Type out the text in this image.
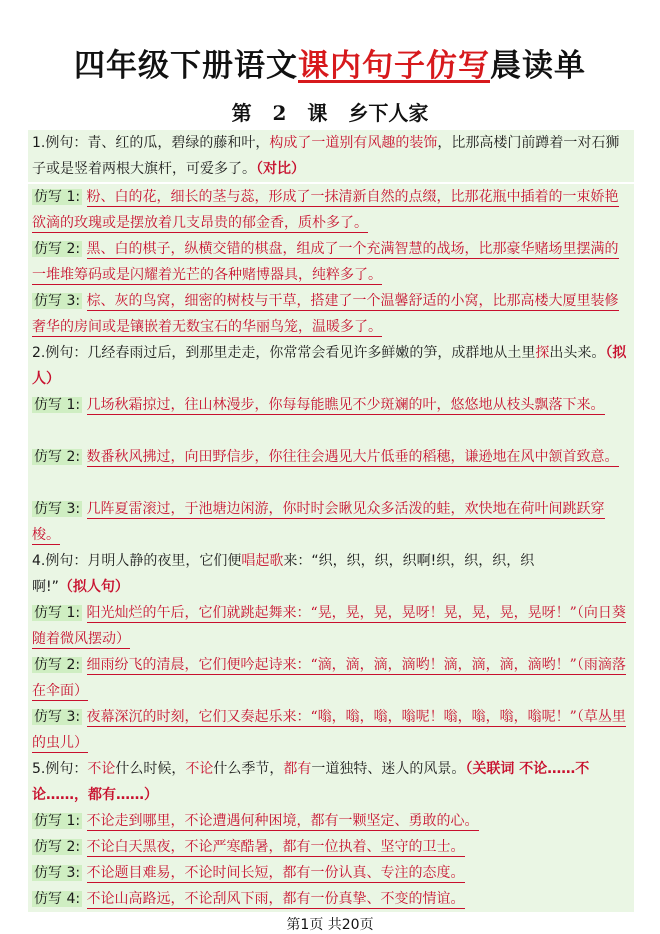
四年级下册语文课内句子仿写晨读单
第 2 课 乡下人家
1.例句：青、红的瓜，碧绿的藤和叶，构成了一道别有风趣的装饰，比那高楼门前蹲着一对石狮子或是竖着两根大旗杆，可爱多了。（对比）
仿写 1: 粉、白的花，细长的茎与蕊，形成了一抹清新自然的点缀，比那花瓶中插着的一束娇艳欲滴的玫瑰或是摆放着几支昂贵的郁金香，质朴多了。
仿写 2: 黑、白的棋子，纵横交错的棋盘，组成了一个充满智慧的战场，比那豪华赌场里摆满的一堆堆筹码或是闪耀着光芒的各种赌博器具，纯粹多了。
仿写 3: 棕、灰的鸟窝，细密的树枝与干草，搭建了一个温馨舒适的小窝，比那高楼大厦里装修奢华的房间或是镶嵌着无数宝石的华丽鸟笼，温暖多了。
2.例句：几经春雨过后，到那里走走，你常常会看见许多鲜嫩的笋，成群地从土里探出头来。（拟人）
仿写 1: 几场秋霜掠过，往山林漫步，你每每能瞧见不少斑斓的叶，悠悠地从枝头飘落下来。
仿写 2: 数番秋风拂过，向田野信步，你往往会遇见大片低垂的稻穗，谦逊地在风中颔首致意。
仿写 3: 几阵夏雷滚过，于池塘边闲游，你时时会瞅见众多活泼的蛙，欢快地在荷叶间跳跃穿梭。
4.例句：月明人静的夜里，它们便唱起歌来：“织，织，织，织啊!织，织，织，织啊!”（拟人句）
仿写 1: 阳光灿烂的午后，它们就跳起舞来：“晃，晃，晃，晃呀！晃，晃，晃，晃呀！”（向日葵随着微风摆动）
仿写 2: 细雨纷飞的清晨，它们便吟起诗来：“滴，滴，滴，滴哟！滴，滴，滴，滴哟！”（雨滴落在伞面）
仿写 3: 夜幕深沉的时刻，它们又奏起乐来：“嗡，嗡，嗡，嗡呢！嗡，嗡，嗡，嗡呢！”（草丛里的虫儿）
5.例句：不论什么时候，不论什么季节，都有一道独特、迷人的风景。（关联词 不论……不论……，都有……）
仿写 1: 不论走到哪里，不论遭遇何种困境，都有一颗坚定、勇敢的心。
仿写 2: 不论白天黑夜，不论严寒酷暑，都有一位执着、坚守的卫士。
仿写 3: 不论题目难易，不论时间长短，都有一份认真、专注的态度。
仿写 4: 不论山高路远，不论刮风下雨，都有一份真挚、不变的情谊。
第1页 共20页
